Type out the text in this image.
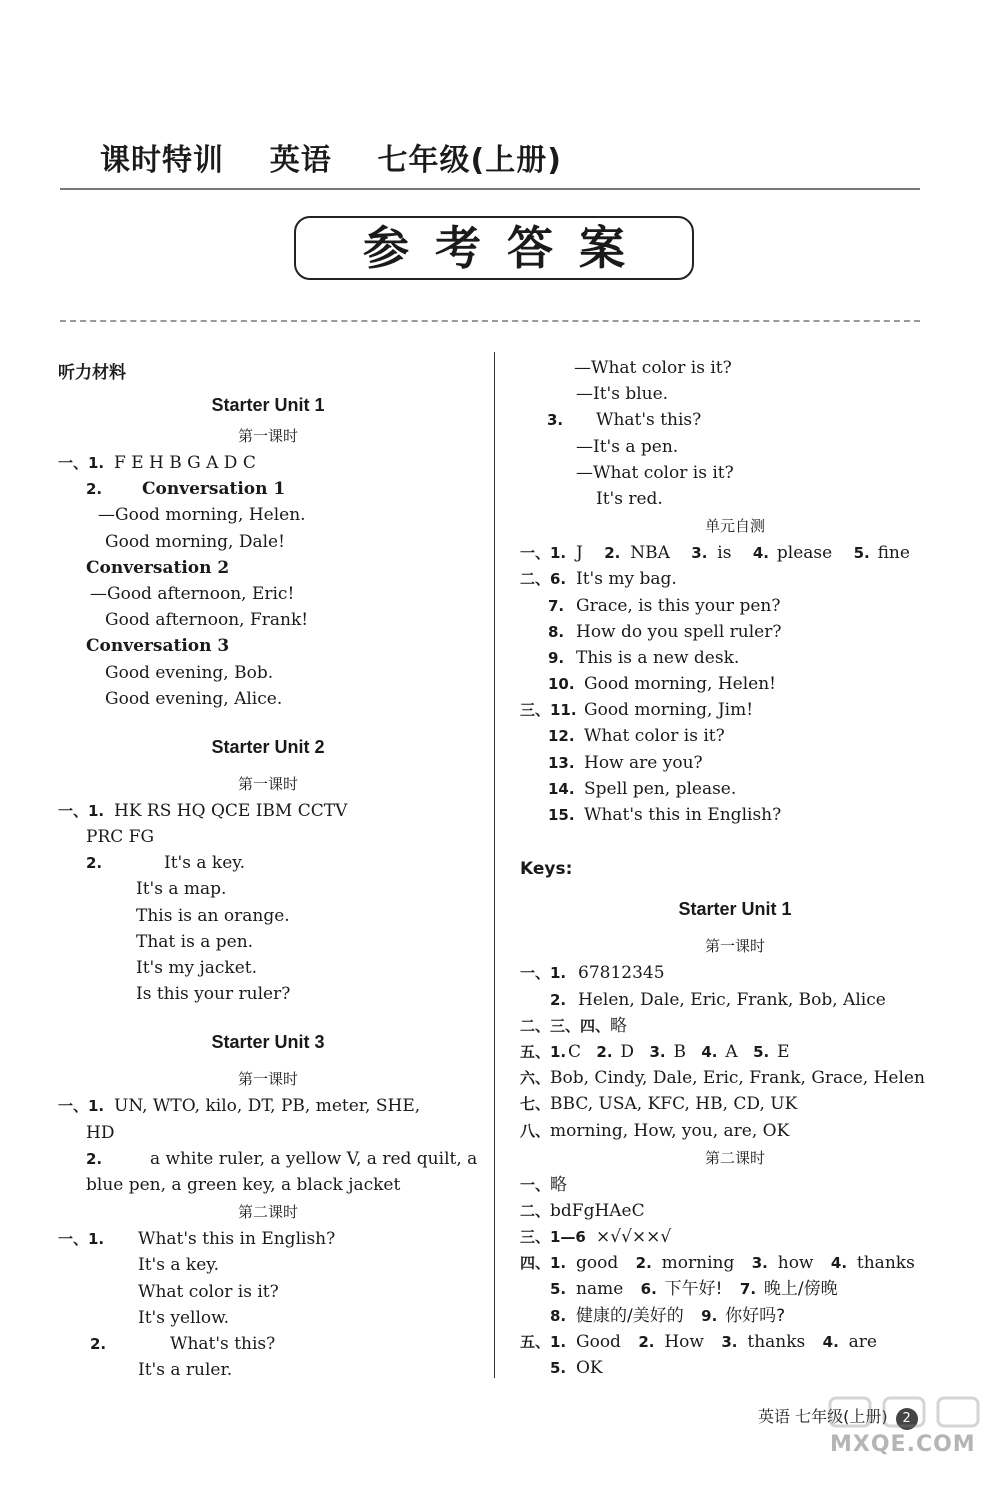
课时特训    英语    七年级(上册)
参考答案
听力材料
Starter Unit 1
第一课时
一、1. F E H B G A D C
2. Conversation 1
—Good morning, Helen.
Good morning, Dale!
Conversation 2
—Good afternoon, Eric!
Good afternoon, Frank!
Conversation 3
Good evening, Bob.
Good evening, Alice.
Starter Unit 2
第一课时
一、1. HK RS HQ QCE IBM CCTV
PRC FG
2.	It's a key.
It's a map.
This is an orange.
That is a pen.
It's my jacket.
Is this your ruler?
Starter Unit 3
第一课时
一、1. UN, WTO, kilo, DT, PB, meter, SHE,
HD
2.	a white ruler, a yellow V, a red quilt, a
blue pen, a green key, a black jacket
第二课时
一、1. What's this in English?
It's a key.
What color is it?
It's yellow.
2.	What's this?
It's a ruler.
—What color is it?
—It's blue.
3. What's this?
—It's a pen.
—What color is it?
It's red.
单元自测
一、1. J 2. NBA 3. is 4. please 5. fine
二、6. It's my bag.
7. Grace, is this your pen?
8. How do you spell ruler?
9. This is a new desk.
10. Good morning, Helen!
三、11. Good morning, Jim!
12. What color is it?
13. How are you?
14. Spell pen, please.
15. What's this in English?
Keys:
Starter Unit 1
第一课时
一、1. 67812345
2. Helen, Dale, Eric, Frank, Bob, Alice
二、三、四、略
五、1. C 2. D 3. B 4. A 5. E
六、Bob, Cindy, Dale, Eric, Frank, Grace, Helen
七、BBC, USA, KFC, HB, CD, UK
八、morning, How, you, are, OK
第二课时
一、略
二、bdFgHAeC
三、1—6 ×√√××√
四、1. good 2. morning 3. how 4. thanks
5. name 6. 下午好! 7. 晚上/傍晚
8. 健康的/美好的 9. 你好吗?
五、1. Good 2. How 3. thanks 4. are
5. OK
英语 七年级(上册) 2
MXQE.COM
